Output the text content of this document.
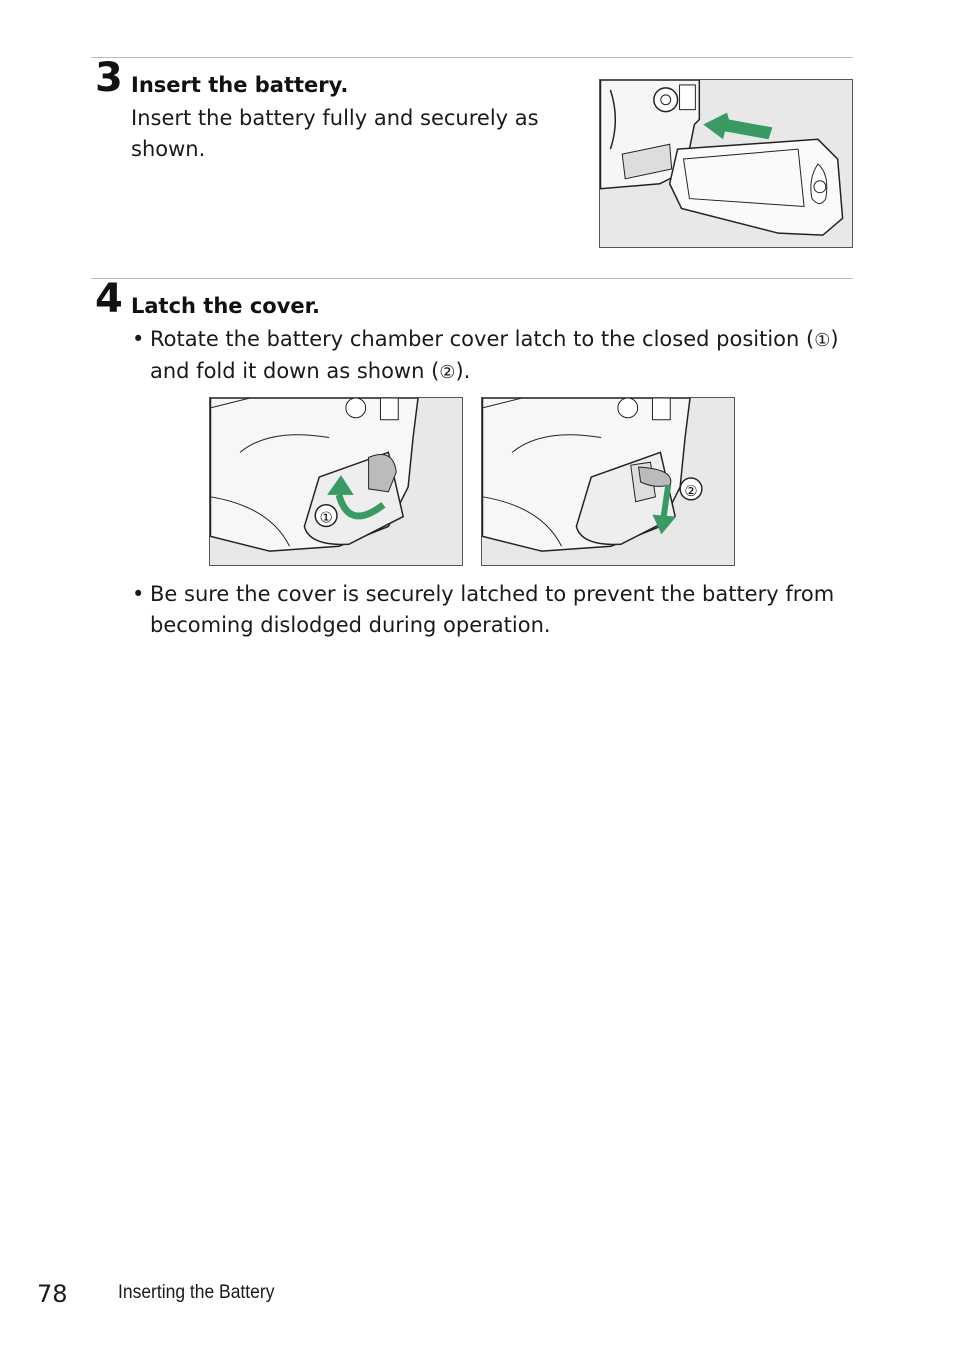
3 Insert the battery.
Insert the battery fully and securely as shown.
4 Latch the cover.
• Rotate the battery chamber cover latch to the closed position (①) and fold it down as shown (②).
①
②
• Be sure the cover is securely latched to prevent the battery from becoming dislodged during operation.
78	Inserting the Battery
